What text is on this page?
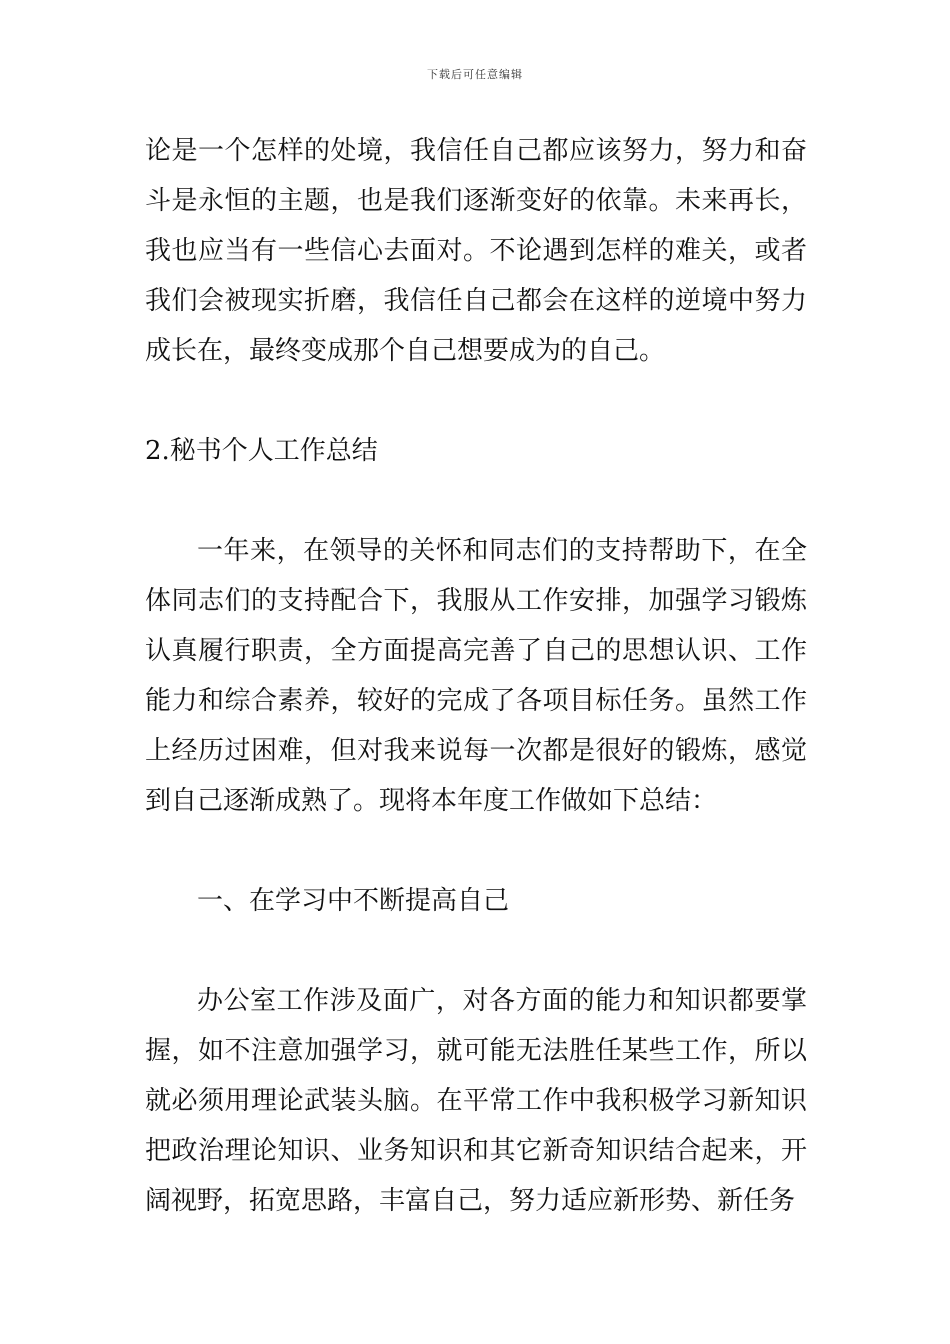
下载后可任意编辑

论是一个怎样的处境，我信任自己都应该努力，努力和奋斗是永恒的主题，也是我们逐渐变好的依靠。未来再长，我也应当有一些信心去面对。不论遇到怎样的难关，或者我们会被现实折磨，我信任自己都会在这样的逆境中努力成长在，最终变成那个自己想要成为的自己。

2.秘书个人工作总结

一年来，在领导的关怀和同志们的支持帮助下，在全体同志们的支持配合下，我服从工作安排，加强学习锻炼认真履行职责，全方面提高完善了自己的思想认识、工作能力和综合素养，较好的完成了各项目标任务。虽然工作上经历过困难，但对我来说每一次都是很好的锻炼，感觉到自己逐渐成熟了。现将本年度工作做如下总结：

一、在学习中不断提高自己

办公室工作涉及面广，对各方面的能力和知识都要掌握，如不注意加强学习，就可能无法胜任某些工作，所以就必须用理论武装头脑。在平常工作中我积极学习新知识把政治理论知识、业务知识和其它新奇知识结合起来，开阔视野，拓宽思路，丰富自己，努力适应新形势、新任务
